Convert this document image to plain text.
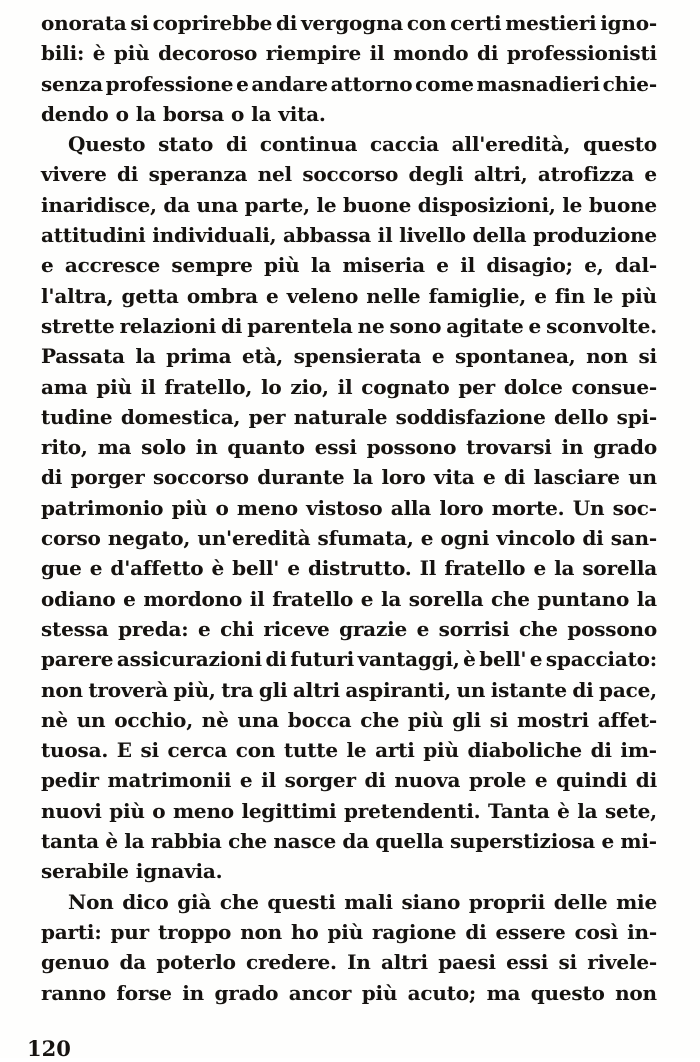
onorata si coprirebbe di vergogna con certi mestieri igno-
bili: è più decoroso riempire il mondo di professionisti
senza professione e andare attorno come masnadieri chie-
dendo o la borsa o la vita.
Questo stato di continua caccia all'eredità, questo
vivere di speranza nel soccorso degli altri, atrofizza e
inaridisce, da una parte, le buone disposizioni, le buone
attitudini individuali, abbassa il livello della produzione
e accresce sempre più la miseria e il disagio; e, dal-
l'altra, getta ombra e veleno nelle famiglie, e fin le più
strette relazioni di parentela ne sono agitate e sconvolte.
Passata la prima età, spensierata e spontanea, non si
ama più il fratello, lo zio, il cognato per dolce consue-
tudine domestica, per naturale soddisfazione dello spi-
rito, ma solo in quanto essi possono trovarsi in grado
di porger soccorso durante la loro vita e di lasciare un
patrimonio più o meno vistoso alla loro morte. Un soc-
corso negato, un'eredità sfumata, e ogni vincolo di san-
gue e d'affetto è bell' e distrutto. Il fratello e la sorella
odiano e mordono il fratello e la sorella che puntano la
stessa preda: e chi riceve grazie e sorrisi che possono
parere assicurazioni di futuri vantaggi, è bell' e spacciato:
non troverà più, tra gli altri aspiranti, un istante di pace,
nè un occhio, nè una bocca che più gli si mostri affet-
tuosa. E si cerca con tutte le arti più diaboliche di im-
pedir matrimonii e il sorger di nuova prole e quindi di
nuovi più o meno legittimi pretendenti. Tanta è la sete,
tanta è la rabbia che nasce da quella superstiziosa e mi-
serabile ignavia.
Non dico già che questi mali siano proprii delle mie
parti: pur troppo non ho più ragione di essere così in-
genuo da poterlo credere. In altri paesi essi si rivele-
ranno forse in grado ancor più acuto; ma questo non
120
